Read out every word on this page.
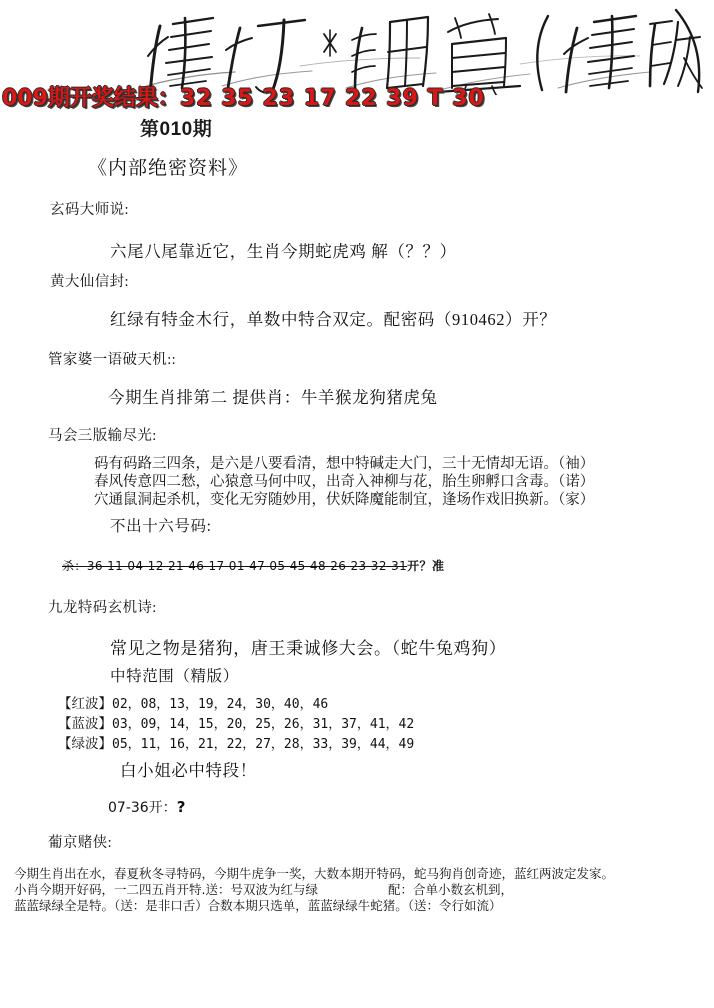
009期开奖结果：32 35 23 17 22 39 T 30
第010期
《内部绝密资料》
玄码大师说:
六尾八尾靠近它，生肖今期蛇虎鸡 解（？？）
黄大仙信封:
红绿有特金木行，单数中特合双定。配密码（910462）开？
管家婆一语破天机::
今期生肖排第二 提供肖：牛羊猴龙狗猪虎兔
马会三版输尽光:
码有码路三四条，是六是八要看清，想中特碱走大门，三十无情却无语。（袖）
春风传意四二愁，心猿意马何中叹，出奇入神柳与花，胎生卵孵口含毒。（诺）
穴通鼠洞起杀机，变化无穷随妙用，伏妖降魔能制宜，逢场作戏旧换新。（家）
不出十六号码:
杀：36 11 04 12 21 46 17 01 47 05 45 48 26 23 32 31开？准
九龙特码玄机诗:
常见之物是猪狗，唐王秉诚修大会。（蛇牛兔鸡狗）
中特范围（精版）
【红波】02，08，13，19，24，30，40，46
【蓝波】03，09，14，15，20，25，26，31，37，41，42
【绿波】05，11，16，21，22，27，28，33，39，44，49
白小姐必中特段！
07-36开：?
葡京赌侠:
今期生肖出在水，春夏秋冬寻特码，今期牛虎争一奖，大数本期开特码，蛇马狗肖创奇迹，蓝红两波定发家。
小肖今期开好码，一二四五肖开特.送：号双波为红与绿	配：合单小数玄机到，
蓝蓝绿绿全是特。（送：是非口舌）合数本期只选单，蓝蓝绿绿牛蛇猪。（送：令行如流）
